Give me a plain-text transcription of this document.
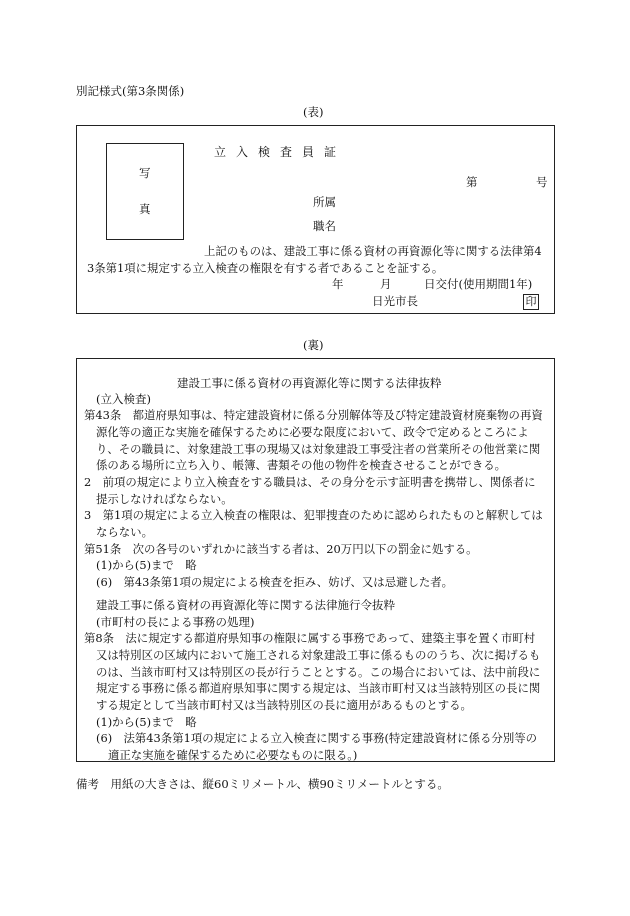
別記様式(第3条関係)
(表)
写
真
立入検査員証
第	号
所属
職名
上記のものは、建設工事に係る資材の再資源化等に関する法律第4
3条第1項に規定する立入検査の権限を有する者であることを証する。
年	月	日交付(使用期間1年)
日光市長	印
(裏)
建設工事に係る資材の再資源化等に関する法律抜粋
(立入検査)
第43条　都道府県知事は、特定建設資材に係る分別解体等及び特定建設資材廃棄物の再資
源化等の適正な実施を確保するために必要な限度において、政令で定めるところによ
り、その職員に、対象建設工事の現場又は対象建設工事受注者の営業所その他営業に関
係のある場所に立ち入り、帳簿、書類その他の物件を検査させることができる。
2　前項の規定により立入検査をする職員は、その身分を示す証明書を携帯し、関係者に
提示しなければならない。
3　第1項の規定による立入検査の権限は、犯罪捜査のために認められたものと解釈しては
ならない。
第51条　次の各号のいずれかに該当する者は、20万円以下の罰金に処する。
(1)から(5)まで　略
(6)　第43条第1項の規定による検査を拒み、妨げ、又は忌避した者。
建設工事に係る資材の再資源化等に関する法律施行令抜粋
(市町村の長による事務の処理)
第8条　法に規定する都道府県知事の権限に属する事務であって、建築主事を置く市町村
又は特別区の区域内において施工される対象建設工事に係るもののうち、次に掲げるも
のは、当該市町村又は特別区の長が行うこととする。この場合においては、法中前段に
規定する事務に係る都道府県知事に関する規定は、当該市町村又は当該特別区の長に関
する規定として当該市町村又は当該特別区の長に適用があるものとする。
(1)から(5)まで　略
(6)　法第43条第1項の規定による立入検査に関する事務(特定建設資材に係る分別等の
適正な実施を確保するために必要なものに限る。)
備考　用紙の大きさは、縦60ミリメートル、横90ミリメートルとする。
